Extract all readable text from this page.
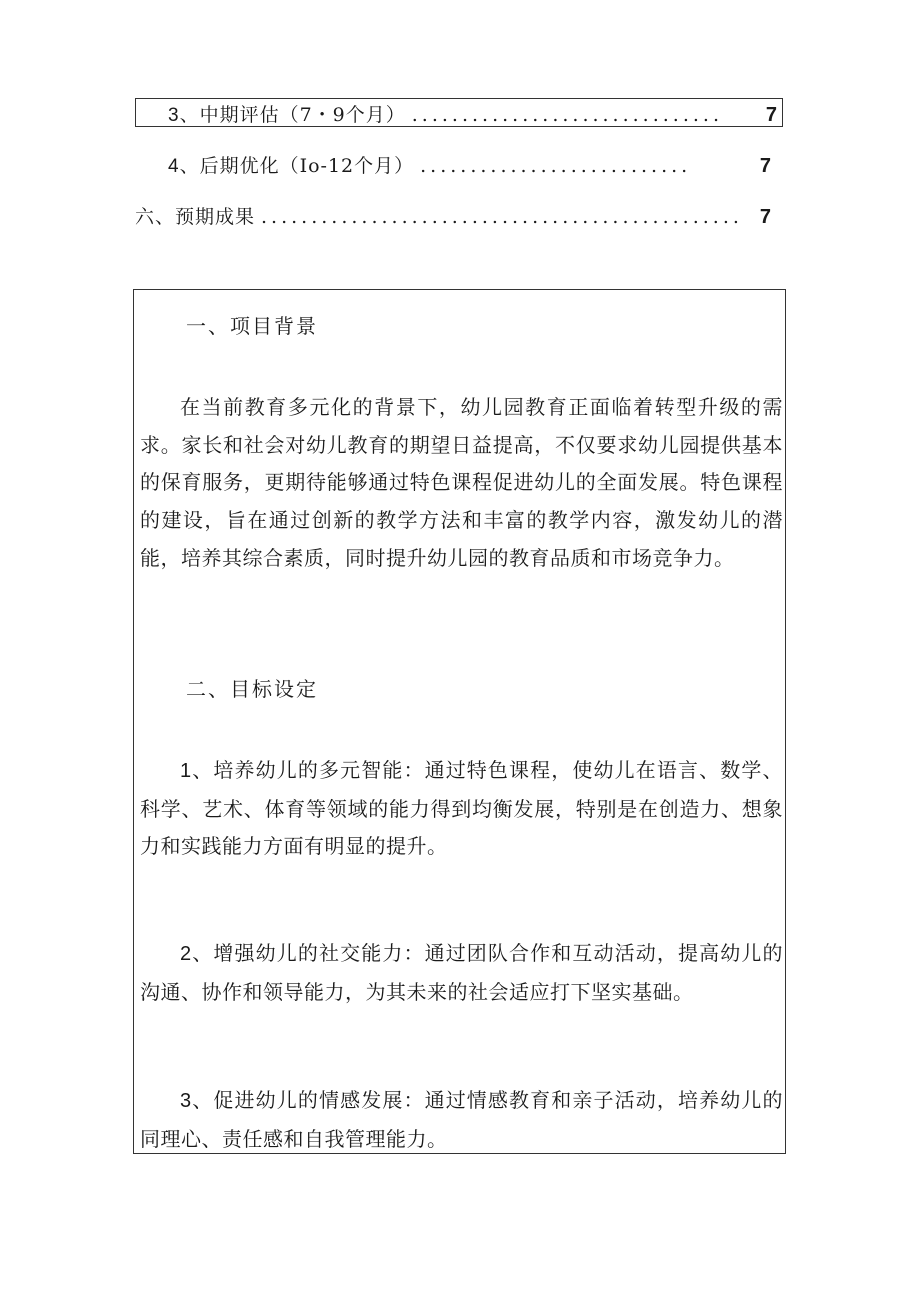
3 、中期评估（7・9个月） ...............................	7
4 、后期优化（Io-12个月） ...........................	7
六、预期成果 ................................................ 7
一、项目背景
在当前教育多元化的背景下，幼儿园教育正面临着转型升级的需求。家长和社会对幼儿教育的期望日益提高，不仅要求幼儿园提供基本的保育服务，更期待能够通过特色课程促进幼儿的全面发展。特色课程的建设，旨在通过创新的教学方法和丰富的教学内容，激发幼儿的潜能，培养其综合素质，同时提升幼儿园的教育品质和市场竞争力。
二、目标设定
1、培养幼儿的多元智能：通过特色课程，使幼儿在语言、数学、科学、艺术、体育等领域的能力得到均衡发展，特别是在创造力、想象力和实践能力方面有明显的提升。
2、增强幼儿的社交能力：通过团队合作和互动活动，提高幼儿的沟通、协作和领导能力，为其未来的社会适应打下坚实基础。
3、促进幼儿的情感发展：通过情感教育和亲子活动，培养幼儿的同理心、责任感和自我管理能力。
